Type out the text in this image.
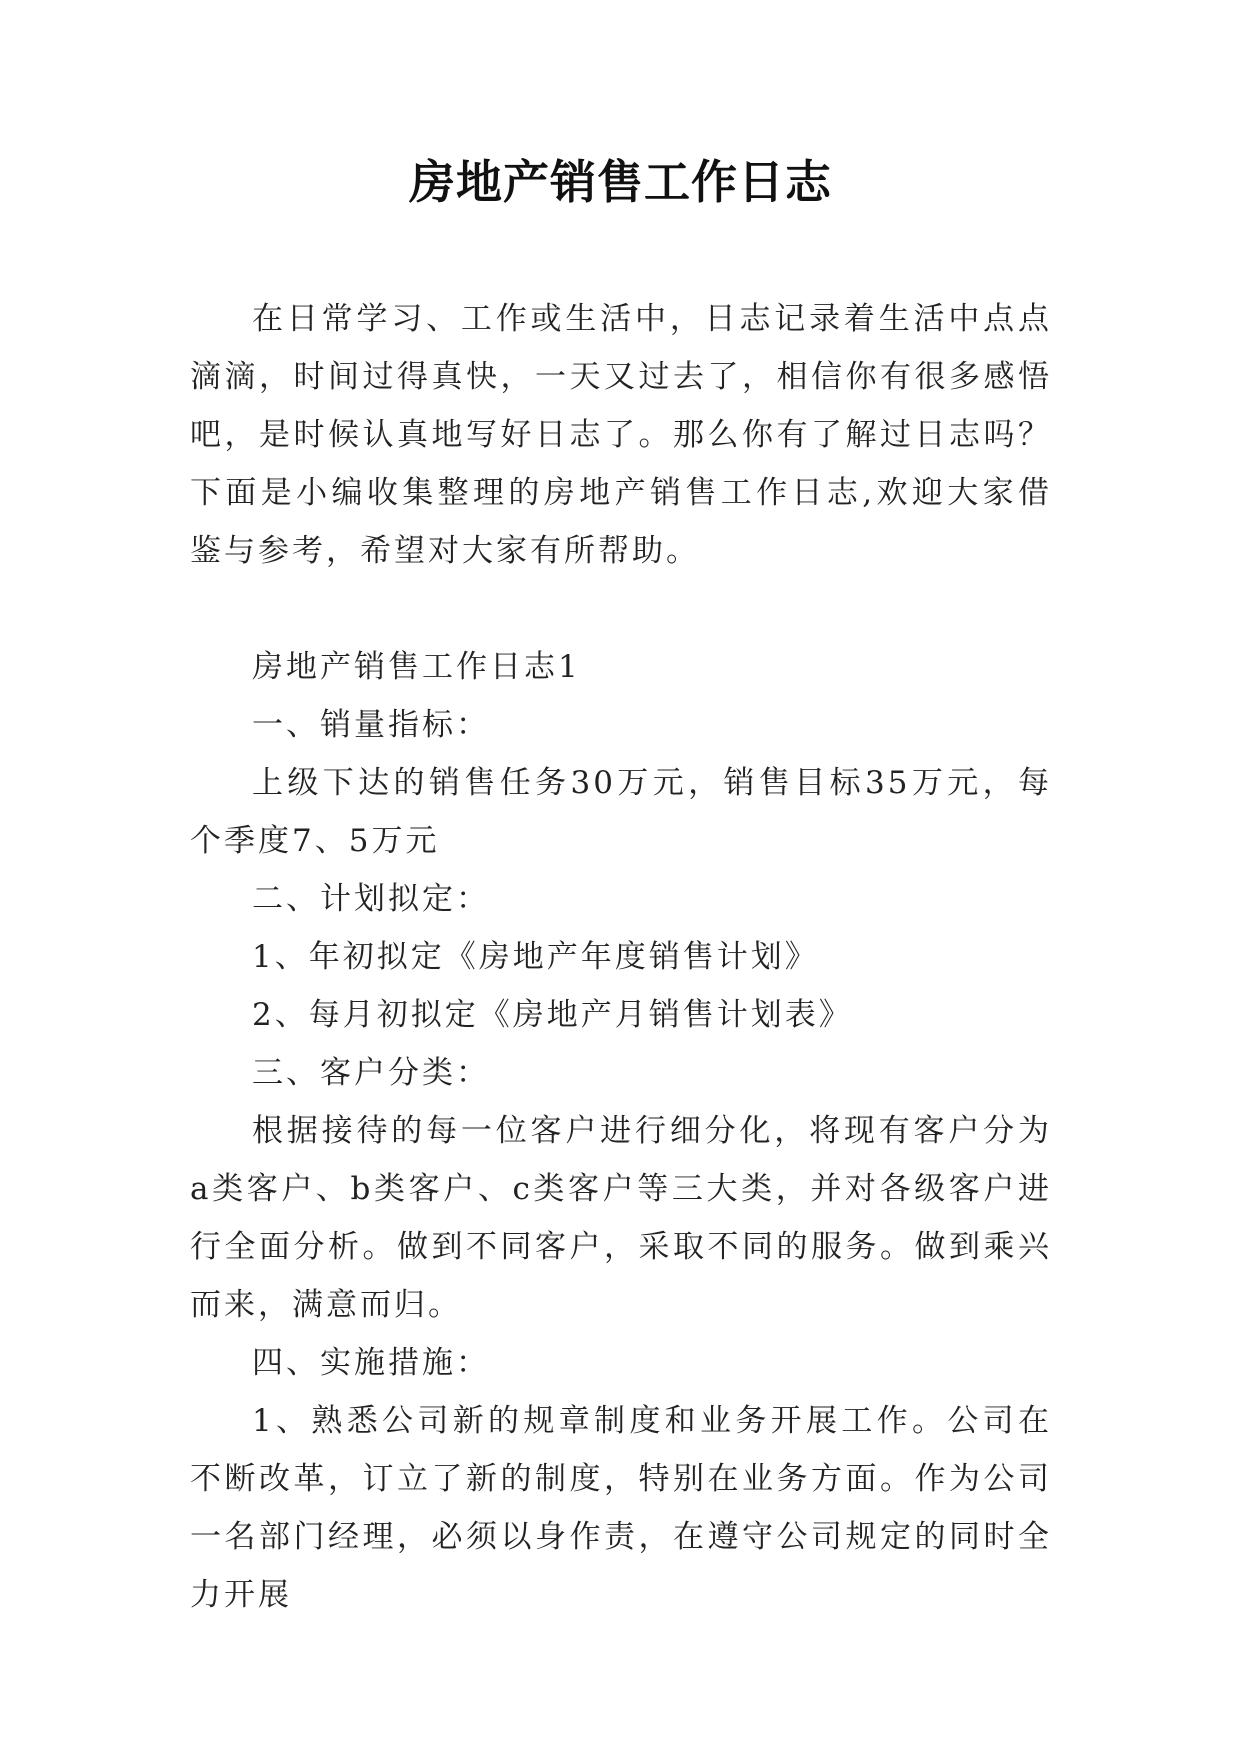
房地产销售工作日志

在日常学习、工作或生活中，日志记录着生活中点点滴滴，时间过得真快，一天又过去了，相信你有很多感悟吧，是时候认真地写好日志了。那么你有了解过日志吗？下面是小编收集整理的房地产销售工作日志,欢迎大家借鉴与参考，希望对大家有所帮助。

房地产销售工作日志1

一、销量指标：

上级下达的销售任务30万元，销售目标35万元，每个季度7、5万元

二、计划拟定：

1、年初拟定《房地产年度销售计划》

2、每月初拟定《房地产月销售计划表》

三、客户分类：

根据接待的每一位客户进行细分化，将现有客户分为a类客户、b类客户、c类客户等三大类，并对各级客户进行全面分析。做到不同客户，采取不同的服务。做到乘兴而来，满意而归。

四、实施措施：

1、熟悉公司新的规章制度和业务开展工作。公司在不断改革，订立了新的制度，特别在业务方面。作为公司一名部门经理，必须以身作责，在遵守公司规定的同时全力开展
